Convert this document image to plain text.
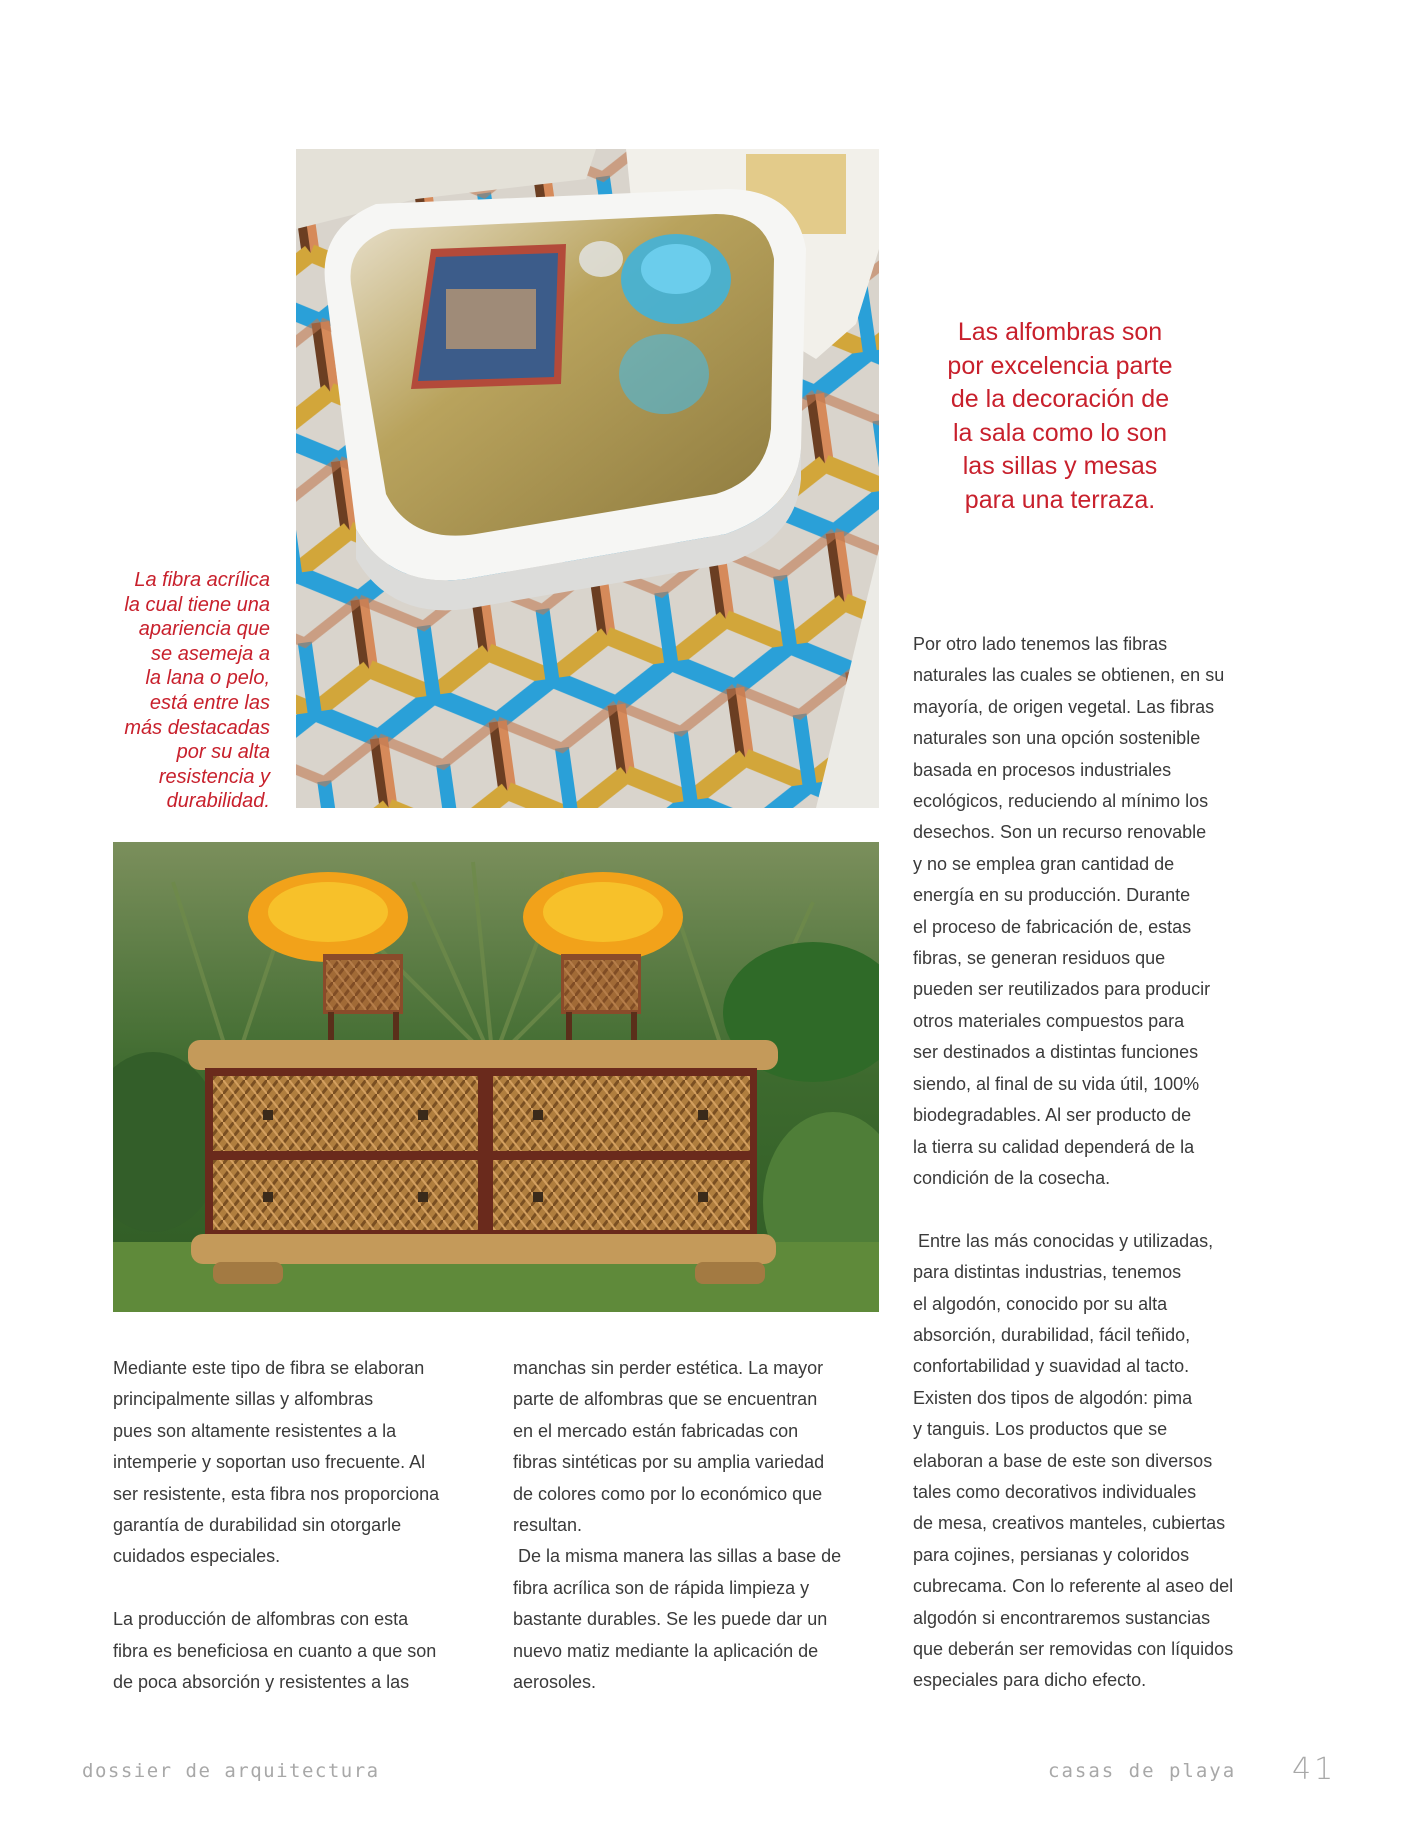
Las alfombras son
por excelencia parte
de la decoración de
la sala como lo son
las sillas y mesas
para una terraza.
La fibra acrílica
la cual tiene una
apariencia que
se asemeja a
la lana o pelo,
está entre las
más destacadas
por su alta
resistencia y
durabilidad.
Mediante este tipo de fibra se elaboran
principalmente sillas y alfombras
pues son altamente resistentes a la
intemperie y soportan uso frecuente. Al
ser resistente, esta fibra nos proporciona
garantía de durabilidad sin otorgarle
cuidados especiales.
La producción de alfombras con esta
fibra es beneficiosa en cuanto a que son
de poca absorción y resistentes a las
manchas sin perder estética. La mayor
parte de alfombras que se encuentran
en el mercado están fabricadas con
fibras sintéticas por su amplia variedad
de colores como por lo económico que
resultan.
De la misma manera las sillas a base de
fibra acrílica son de rápida limpieza y
bastante durables. Se les puede dar un
nuevo matiz mediante la aplicación de
aerosoles.
Por otro lado tenemos las fibras
naturales las cuales se obtienen, en su
mayoría, de origen vegetal. Las fibras
naturales son una opción sostenible
basada en procesos industriales
ecológicos, reduciendo al mínimo los
desechos. Son un recurso renovable
y no se emplea gran cantidad de
energía en su producción. Durante
el proceso de fabricación de, estas
fibras, se generan residuos que
pueden ser reutilizados para producir
otros materiales compuestos para
ser destinados a distintas funciones
siendo, al final de su vida útil, 100%
biodegradables. Al ser producto de
la tierra su calidad dependerá de la
condición de la cosecha.
Entre las más conocidas y utilizadas,
para distintas industrias, tenemos
el algodón, conocido por su alta
absorción, durabilidad, fácil teñido,
confortabilidad y suavidad al tacto.
Existen dos tipos de algodón: pima
y tanguis. Los productos que se
elaboran a base de este son diversos
tales como decorativos individuales
de mesa, creativos manteles, cubiertas
para cojines, persianas y coloridos
cubrecama. Con lo referente al aseo del
algodón si encontraremos sustancias
que deberán ser removidas con líquidos
especiales para dicho efecto.
dossier de arquitectura	casas de playa 41
